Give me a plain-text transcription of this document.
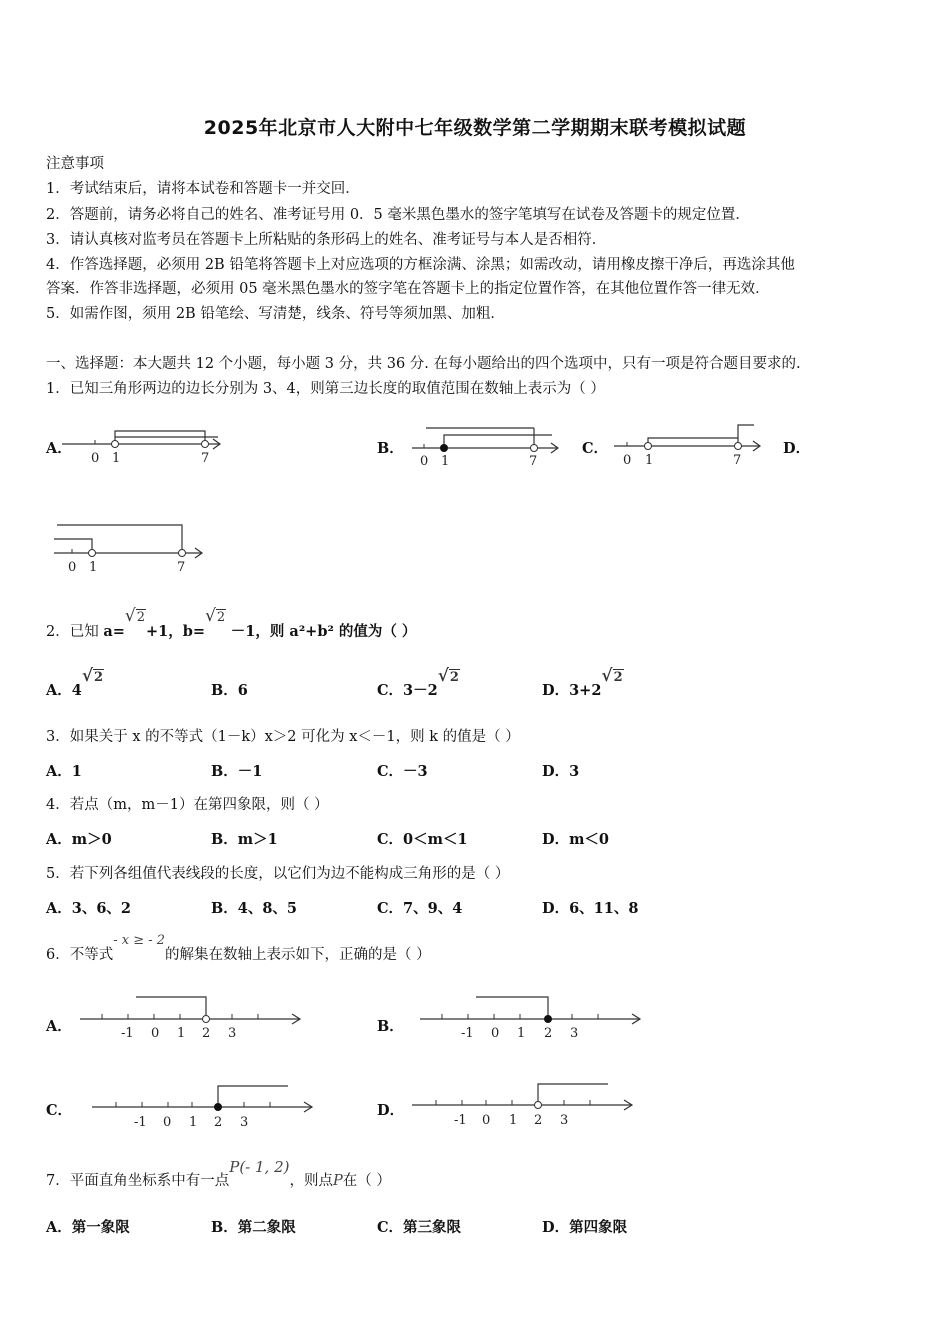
2025年北京市人大附中七年级数学第二学期期末联考模拟试题
注意事项
1．考试结束后，请将本试卷和答题卡一并交回．
2．答题前，请务必将自己的姓名、准考证号用 0．5 毫米黑色墨水的签字笔填写在试卷及答题卡的规定位置．
3．请认真核对监考员在答题卡上所粘贴的条形码上的姓名、准考证号与本人是否相符．
4．作答选择题，必须用 2B 铅笔将答题卡上对应选项的方框涂满、涂黑；如需改动，请用橡皮擦干净后，再选涂其他
答案．作答非选择题，必须用 05 毫米黑色墨水的签字笔在答题卡上的指定位置作答，在其他位置作答一律无效．
5．如需作图，须用 2B 铅笔绘、写清楚，线条、符号等须加黑、加粗．
一、选择题：本大题共 12 个小题，每小题 3 分，共 36 分. 在每小题给出的四个选项中，只有一项是符合题目要求的.
1．已知三角形两边的边长分别为 3、4，则第三边长度的取值范围在数轴上表示为（ ）
A．	B．	C．	D．
0 1	7	0 1	7	0 1	7
0 1	7
2．已知 a=√2+1，b=√2 －1，则 a²+b² 的值为（ ）
A．4√2
B．6	C．3－2√2
D．3+2√2
3．如果关于 x 的不等式（1－k）x＞2 可化为 x＜－1，则 k 的值是（ ）
A．1	B．－1	C．－3	D．3
4．若点（m，m－1）在第四象限，则（ ）
A．m＞0	B．m＞1	C．0＜m＜1	D．m＜0
5．若下列各组值代表线段的长度，以它们为边不能构成三角形的是（ ）
A．3、6、2	B．4、8、5	C．7、9、4	D．6、11、8
6．不等式- x ≥ - 2的解集在数轴上表示如下，正确的是（ ）
A．	B．
C．	D．
-1 0 1 2 3	-1 0 1 2 3
-1 0 1 2 3	-1 0 1 2 3
7．平面直角坐标系中有一点P(- 1, 2)，则点P在（ ）
A．第一象限	B．第二象限	C．第三象限	D．第四象限
